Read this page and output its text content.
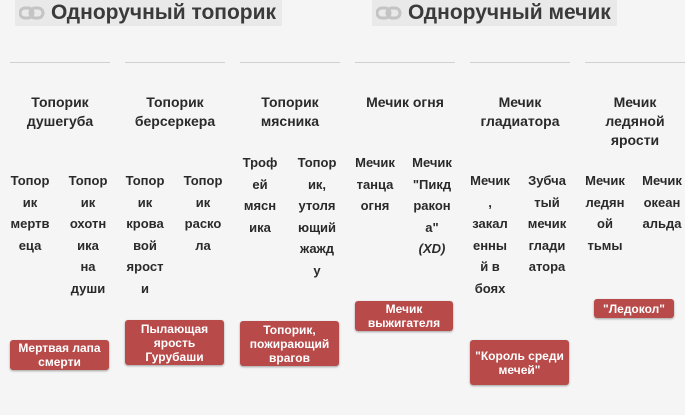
Одноручный топорик	Одноручный мечик
Топорик душегуба
Топорик мертвеца
Топорик охотника на души
Мертвая лапа смерти
Топорик берсеркера
Топорик кровавой ярости
Топорик раскола
Пылающая ярость Гурубаши
Топорик мясника
Трофей мясника
Топорик, утоляющий жажду
Топорик, пожирающий врагов
Мечик огня
Мечик танца огня
Мечик "Пикдракона"
(XD)
Мечик выжигателя
Мечик гладиатора
Мечик, закаленный в боях
Зубчатый мечик гладиатора
"Король среди мечей"
Мечик ледяной ярости
Мечик ледяной тьмы
Мечик океанальда
"Ледокол"
